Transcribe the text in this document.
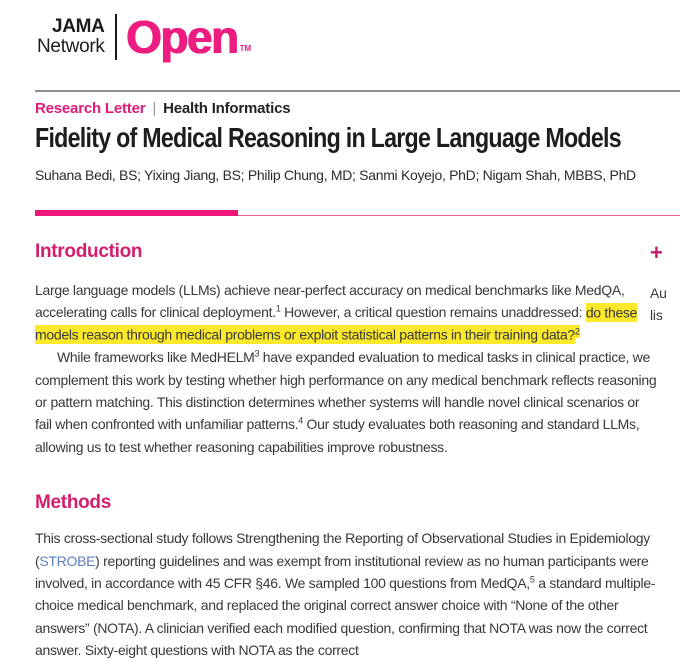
JAMA
Network Open TM
Research Letter | Health Informatics
Fidelity of Medical Reasoning in Large Language Models
Suhana Bedi, BS; Yixing Jiang, BS; Philip Chung, MD; Sanmi Koyejo, PhD; Nigam Shah, MBBS, PhD
Introduction

Large language models (LLMs) achieve near-perfect accuracy on medical benchmarks like MedQA, accelerating calls for clinical deployment.$^1$ However, a critical question remains unaddressed: do these models reason through medical problems or exploit statistical patterns in their training data?$^2$

While frameworks like MedHELM$^3$ have expanded evaluation to medical tasks in clinical practice, we complement this work by testing whether high performance on any medical benchmark reflects reasoning or pattern matching. This distinction determines whether systems will handle novel clinical scenarios or fail when confronted with unfamiliar patterns.$^4$ Our study evaluates both reasoning and standard LLMs, allowing us to test whether reasoning capabilities improve robustness.

Methods

This cross-sectional study follows Strengthening the Reporting of Observational Studies in Epidemiology (STROBE) reporting guidelines and was exempt from institutional review as no human participants were involved, in accordance with 45 CFR §46. We sampled 100 questions from MedQA,$^5$ a standard multiple-choice medical benchmark, and replaced the original correct answer choice with “None of the other answers” (NOTA). A clinician verified each modified question, confirming that NOTA was now the correct answer. Sixty-eight questions with NOTA as the correct

+
Au
lis
